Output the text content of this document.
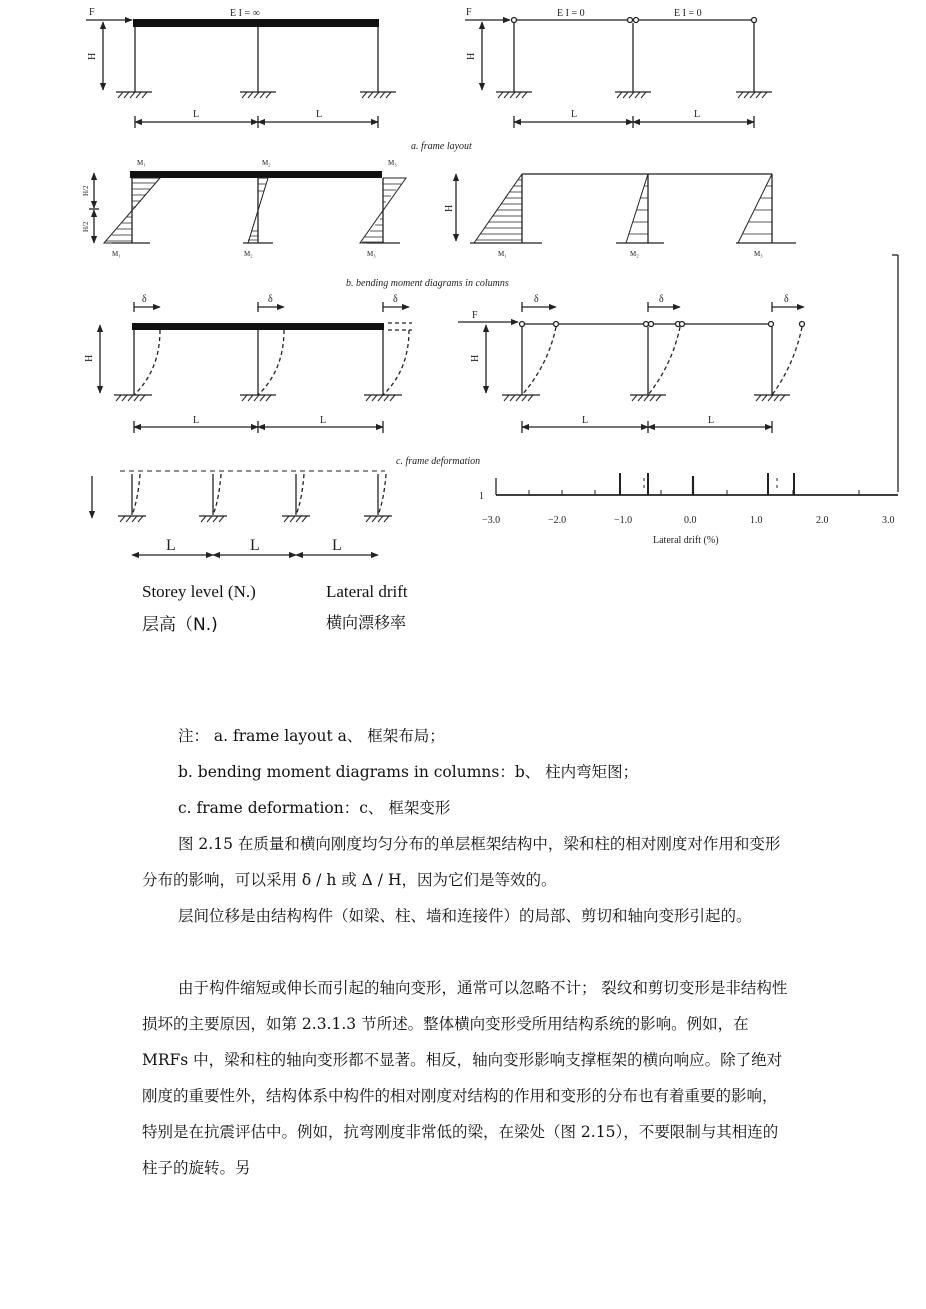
F	E I = ∞
H
L	L
F	E I = 0	E I = 0
H
L	L
a. frame layout
M₁	M₂	M₃
M₁	M₂	M₃
H/2
H/2
H
M₁	M₂	M₃
b. bending moment diagrams in columns
δ	δ	δ
H
L	L
δ	δ	δ
F
H
L	L
c. frame deformation
L	L	L
1
−3.0	−2.0	−1.0	0.0	1.0	2.0	3.0
Lateral drift (%)
Storey level (N.)	Lateral drift
层高（N.)	横向漂移率

注： a. frame layout a、 框架布局；

b. bending moment diagrams in columns：b、 柱内弯矩图；

c. frame deformation：c、 框架变形

图 2.15 在质量和横向刚度均匀分布的单层框架结构中，梁和柱的相对刚度对作用和变形分布的影响，可以采用 δ / h 或 Δ / H，因为它们是等效的。

层间位移是由结构构件（如梁、柱、墙和连接件）的局部、剪切和轴向变形引起的。

由于构件缩短或伸长而引起的轴向变形，通常可以忽略不计； 裂纹和剪切变形是非结构性损坏的主要原因，如第 2.3.1.3 节所述。整体横向变形受所用结构系统的影响。例如，在 MRFs 中，梁和柱的轴向变形都不显著。相反，轴向变形影响支撑框架的横向响应。除了绝对刚度的重要性外，结构体系中构件的相对刚度对结构的作用和变形的分布也有着重要的影响，特别是在抗震评估中。例如，抗弯刚度非常低的梁，在梁处（图 2.15），不要限制与其相连的柱子的旋转。另
